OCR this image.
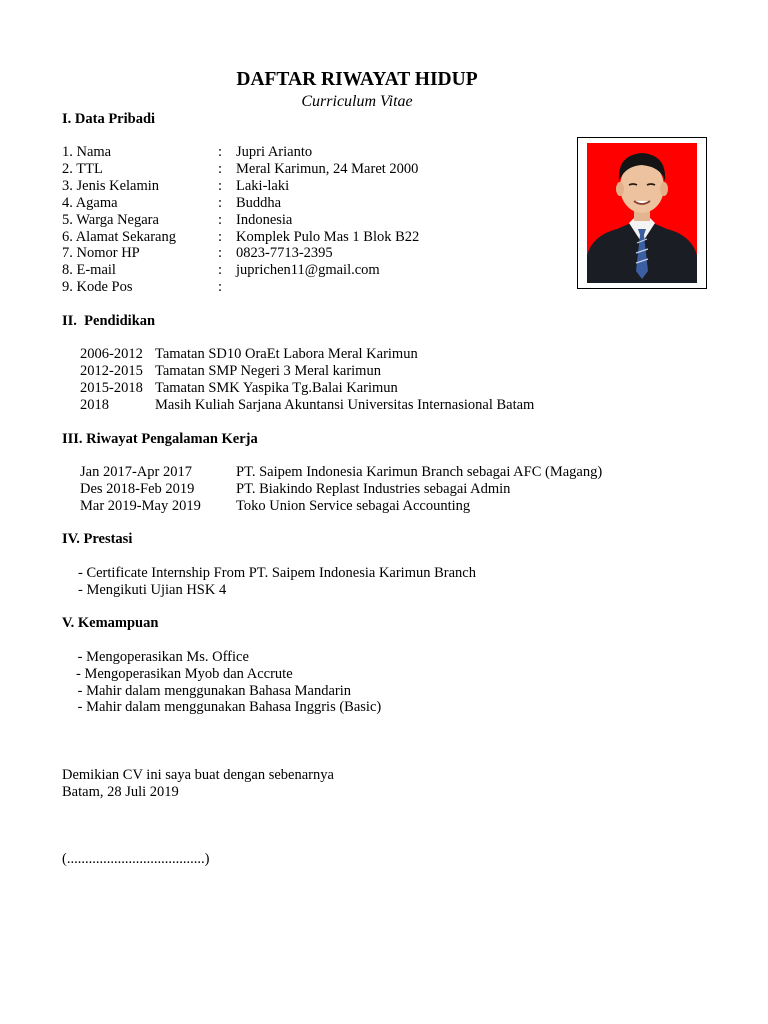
DAFTAR RIWAYAT HIDUP
Curriculum Vitae
I. Data Pribadi
1. Nama	: Jupri Arianto
2. TTL	: Meral Karimun, 24 Maret 2000
3. Jenis Kelamin	: Laki-laki
4. Agama	: Buddha
5. Warga Negara	: Indonesia
6. Alamat Sekarang	: Komplek Pulo Mas 1 Blok B22
7. Nomor HP	: 0823-7713-2395
8. E-mail	: juprichen11@gmail.com
9. Kode Pos	:
II.  Pendidikan
2006-2012 Tamatan SD10 OraEt Labora Meral Karimun
2012-2015 Tamatan SMP Negeri 3 Meral karimun
2015-2018 Tamatan SMK Yaspika Tg.Balai Karimun
2018	Masih Kuliah Sarjana Akuntansi Universitas Internasional Batam
III. Riwayat Pengalaman Kerja
Jan 2017-Apr 2017	PT. Saipem Indonesia Karimun Branch sebagai AFC (Magang)
Des 2018-Feb 2019	PT. Biakindo Replast Industries sebagai Admin
Mar 2019-May 2019 Toko Union Service sebagai Accounting
IV. Prestasi
- Certificate Internship From PT. Saipem Indonesia Karimun Branch
- Mengikuti Ujian HSK 4
V. Kemampuan
- Mengoperasikan Ms. Office
- Mengoperasikan Myob dan Accrute
- Mahir dalam menggunakan Bahasa Mandarin
- Mahir dalam menggunakan Bahasa Inggris (Basic)
Demikian CV ini saya buat dengan sebenarnya
Batam, 28 Juli 2019
(......................................)
